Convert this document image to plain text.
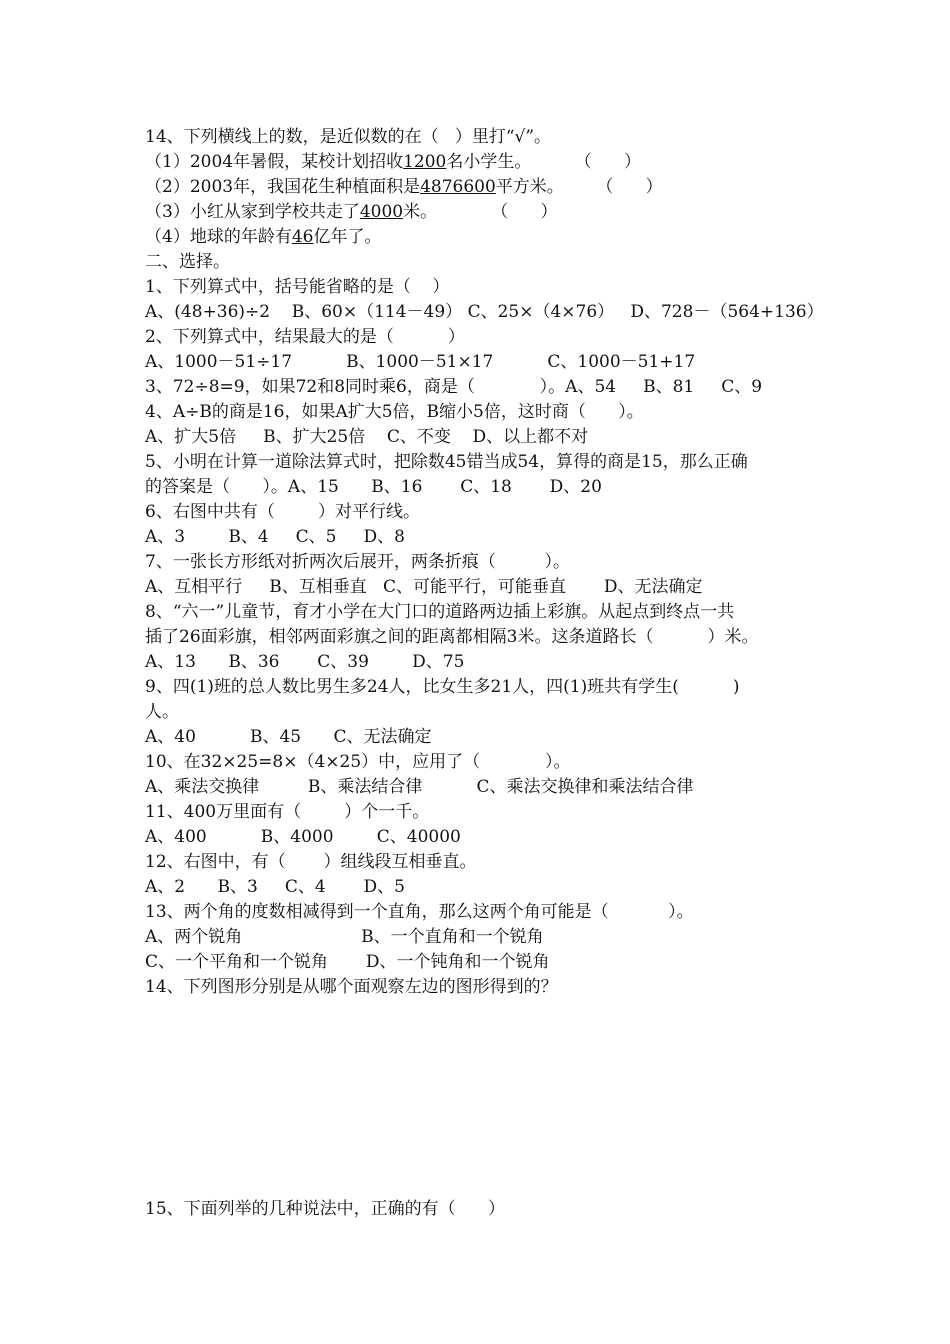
14、下列横线上的数，是近似数的在（   ）里打“√”。
（1）2004年暑假，某校计划招收1200名小学生。        （      ）
（2）2003年，我国花生种植面积是4876600平方米。      （      ）
（3）小红从家到学校共走了4000米。          （      ）
（4）地球的年龄有46亿年了。
二、选择。
1、下列算式中，括号能省略的是（    ）
A、(48+36)÷2    B、60×（114－49） C、25×（4×76）   D、728－（564+136）
2、下列算式中，结果最大的是（          ）
A、1000－51÷17          B、1000－51×17          C、1000－51+17
3、72÷8=9，如果72和8同时乘6，商是（            ）。A、54     B、81     C、9
4、A÷B的商是16，如果A扩大5倍，B缩小5倍，这时商（      ）。
A、扩大5倍     B、扩大25倍    C、不变    D、以上都不对
5、小明在计算一道除法算式时，把除数45错当成54，算得的商是15，那么正确
的答案是（      ）。A、15      B、16       C、18       D、20
6、右图中共有（        ）对平行线。
A、3        B、4     C、5     D、8
7、一张长方形纸对折两次后展开，两条折痕（         ）。
A、互相平行     B、互相垂直   C、可能平行，可能垂直       D、无法确定
8、“六一”儿童节，育才小学在大门口的道路两边插上彩旗。从起点到终点一共
插了26面彩旗，相邻两面彩旗之间的距离都相隔3米。这条道路长（          ）米。
A、13      B、36       C、39        D、75
9、四(1)班的总人数比男生多24人，比女生多21人，四(1)班共有学生(          )
人。
A、40          B、45      C、无法确定
10、在32×25=8×（4×25）中，应用了（            ）。
A、乘法交换律         B、乘法结合律          C、乘法交换律和乘法结合律
11、400万里面有（        ）个一千。
A、400          B、4000        C、40000
12、右图中，有（       ）组线段互相垂直。
A、2      B、3     C、4       D、5
13、两个角的度数相减得到一个直角，那么这两个角可能是（           ）。
A、两个锐角                      B、一个直角和一个锐角
C、一个平角和一个锐角       D、一个钝角和一个锐角
14、下列图形分别是从哪个面观察左边的图形得到的？
15、下面列举的几种说法中，正确的有（      ）
